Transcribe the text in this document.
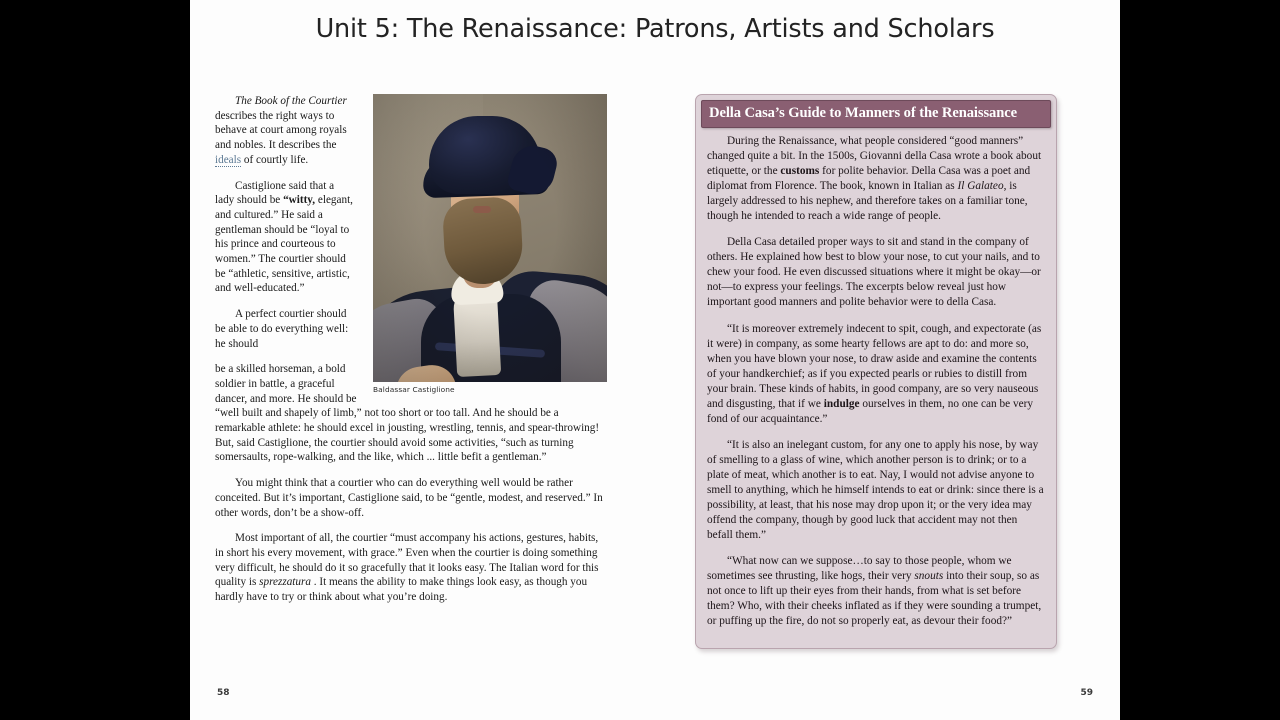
Unit 5: The Renaissance: Patrons, Artists and Scholars
Baldassar Castiglione

The Book of the Courtier describes the right ways to behave at court among royals and nobles. It describes the ideals of courtly life.

Castiglione said that a lady should be “witty, elegant, and cultured.” He said a gentleman should be “loyal to his prince and courteous to women.” The courtier should be “athletic, sensitive, artistic, and well-educated.”

A perfect courtier should be able to do everything well: he should

be a skilled horseman, a bold soldier in battle, a graceful dancer, and more. He should be “well built and shapely of limb,” not too short or too tall. And he should be a remarkable athlete: he should excel in jousting, wrestling, tennis, and spear-throwing! But, said Castiglione, the courtier should avoid some activities, “such as turning somersaults, rope-walking, and the like, which ... little befit a gentleman.”

You might think that a courtier who can do everything well would be rather conceited. But it’s important, Castiglione said, to be “gentle, modest, and reserved.” In other words, don’t be a show-off.

Most important of all, the courtier “must accompany his actions, gestures, habits, in short his every movement, with grace.” Even when the courtier is doing something very difficult, he should do it so gracefully that it looks easy. The Italian word for this quality is sprezzatura . It means the ability to make things look easy, as though you hardly have to try or think about what you’re doing.

Della Casa’s Guide to Manners of the Renaissance

During the Renaissance, what people considered “good manners” changed quite a bit. In the 1500s, Giovanni della Casa wrote a book about etiquette, or the customs for polite behavior. Della Casa was a poet and diplomat from Florence. The book, known in Italian as Il Galateo, is largely addressed to his nephew, and therefore takes on a familiar tone, though he intended to reach a wide range of people.

Della Casa detailed proper ways to sit and stand in the company of others. He explained how best to blow your nose, to cut your nails, and to chew your food. He even discussed situations where it might be okay—or not—to express your feelings. The excerpts below reveal just how important good manners and polite behavior were to della Casa.

“It is moreover extremely indecent to spit, cough, and expectorate (as it were) in company, as some hearty fellows are apt to do: and more so, when you have blown your nose, to draw aside and examine the contents of your handkerchief; as if you expected pearls or rubies to distill from your brain. These kinds of habits, in good company, are so very nauseous and disgusting, that if we indulge ourselves in them, no one can be very fond of our acquaintance.”

“It is also an inelegant custom, for any one to apply his nose, by way of smelling to a glass of wine, which another person is to drink; or to a plate of meat, which another is to eat. Nay, I would not advise anyone to smell to anything, which he himself intends to eat or drink: since there is a possibility, at least, that his nose may drop upon it; or the very idea may offend the company, though by good luck that accident may not then befall them.”

“What now can we suppose…to say to those people, whom we sometimes see thrusting, like hogs, their very snouts into their soup, so as not once to lift up their eyes from their hands, from what is set before them? Who, with their cheeks inflated as if they were sounding a trumpet, or puffing up the fire, do not so properly eat, as devour their food?”

58	59
